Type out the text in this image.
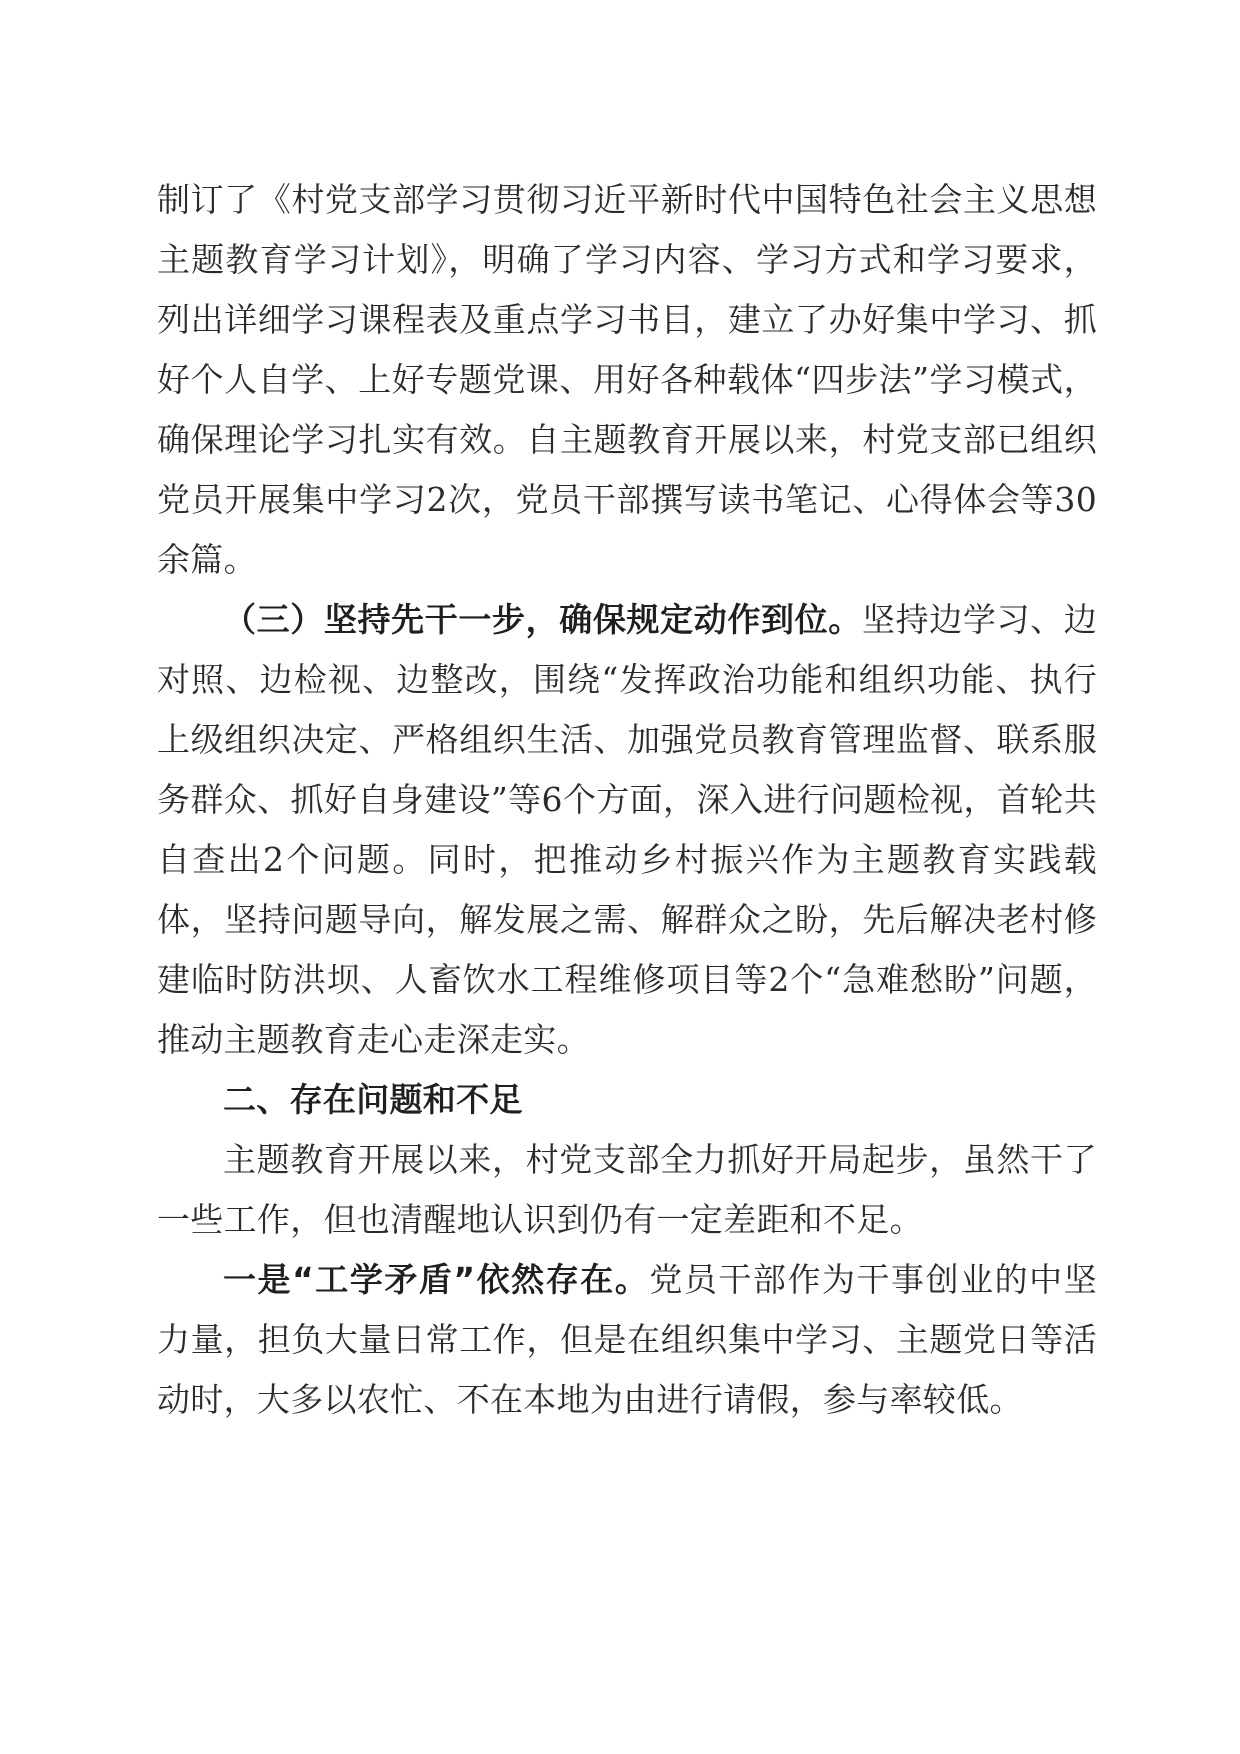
制订了《村党支部学习贯彻习近平新时代中国特色社会主义思想主题教育学习计划》，明确了学习内容、学习方式和学习要求，列出详细学习课程表及重点学习书目，建立了办好集中学习、抓好个人自学、上好专题党课、用好各种载体“四步法”学习模式，确保理论学习扎实有效。自主题教育开展以来，村党支部已组织党员开展集中学习2次，党员干部撰写读书笔记、心得体会等30余篇。

（三）坚持先干一步，确保规定动作到位。坚持边学习、边对照、边检视、边整改，围绕“发挥政治功能和组织功能、执行上级组织决定、严格组织生活、加强党员教育管理监督、联系服务群众、抓好自身建设”等6个方面，深入进行问题检视，首轮共自查出2个问题。同时，把推动乡村振兴作为主题教育实践载体，坚持问题导向，解发展之需、解群众之盼，先后解决老村修建临时防洪坝、人畜饮水工程维修项目等2个“急难愁盼”问题，推动主题教育走心走深走实。

二、存在问题和不足

主题教育开展以来，村党支部全力抓好开局起步，虽然干了一些工作，但也清醒地认识到仍有一定差距和不足。

一是“工学矛盾”依然存在。党员干部作为干事创业的中坚力量，担负大量日常工作，但是在组织集中学习、主题党日等活动时，大多以农忙、不在本地为由进行请假，参与率较低。
